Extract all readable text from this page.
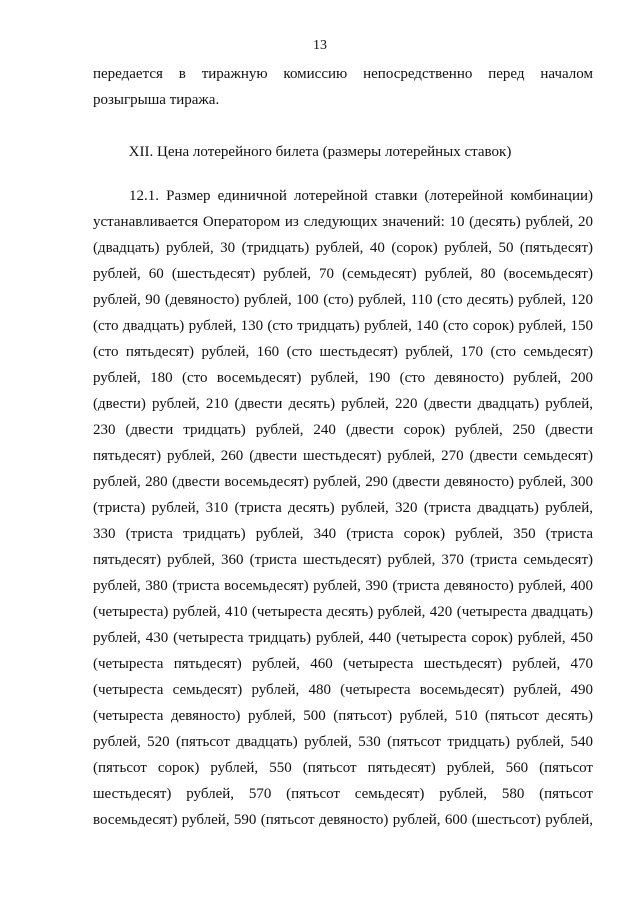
13
передается в тиражную комиссию непосредственно перед началом
розыгрыша тиража.
XII. Цена лотерейного билета (размеры лотерейных ставок)
12.1. Размер единичной лотерейной ставки (лотерейной комбинации)
устанавливается Оператором из следующих значений: 10 (десять) рублей, 20
(двадцать) рублей, 30 (тридцать) рублей, 40 (сорок) рублей, 50 (пятьдесят)
рублей, 60 (шестьдесят) рублей, 70 (семьдесят) рублей, 80 (восемьдесят)
рублей, 90 (девяносто) рублей, 100 (сто) рублей, 110 (сто десять) рублей, 120
(сто двадцать) рублей, 130 (сто тридцать) рублей, 140 (сто сорок) рублей, 150
(сто пятьдесят) рублей, 160 (сто шестьдесят) рублей, 170 (сто семьдесят)
рублей, 180 (сто восемьдесят) рублей, 190 (сто девяносто) рублей, 200
(двести) рублей, 210 (двести десять) рублей, 220 (двести двадцать) рублей,
230 (двести тридцать) рублей, 240 (двести сорок) рублей, 250 (двести
пятьдесят) рублей, 260 (двести шестьдесят) рублей, 270 (двести семьдесят)
рублей, 280 (двести восемьдесят) рублей, 290 (двести девяносто) рублей, 300
(триста) рублей, 310 (триста десять) рублей, 320 (триста двадцать) рублей,
330 (триста тридцать) рублей, 340 (триста сорок) рублей, 350 (триста
пятьдесят) рублей, 360 (триста шестьдесят) рублей, 370 (триста семьдесят)
рублей, 380 (триста восемьдесят) рублей, 390 (триста девяносто) рублей, 400
(четыреста) рублей, 410 (четыреста десять) рублей, 420 (четыреста двадцать)
рублей, 430 (четыреста тридцать) рублей, 440 (четыреста сорок) рублей, 450
(четыреста пятьдесят) рублей, 460 (четыреста шестьдесят) рублей, 470
(четыреста семьдесят) рублей, 480 (четыреста восемьдесят) рублей, 490
(четыреста девяносто) рублей, 500 (пятьсот) рублей, 510 (пятьсот десять)
рублей, 520 (пятьсот двадцать) рублей, 530 (пятьсот тридцать) рублей, 540
(пятьсот сорок) рублей, 550 (пятьсот пятьдесят) рублей, 560 (пятьсот
шестьдесят) рублей, 570 (пятьсот семьдесят) рублей, 580 (пятьсот
восемьдесят) рублей, 590 (пятьсот девяносто) рублей, 600 (шестьсот) рублей,
